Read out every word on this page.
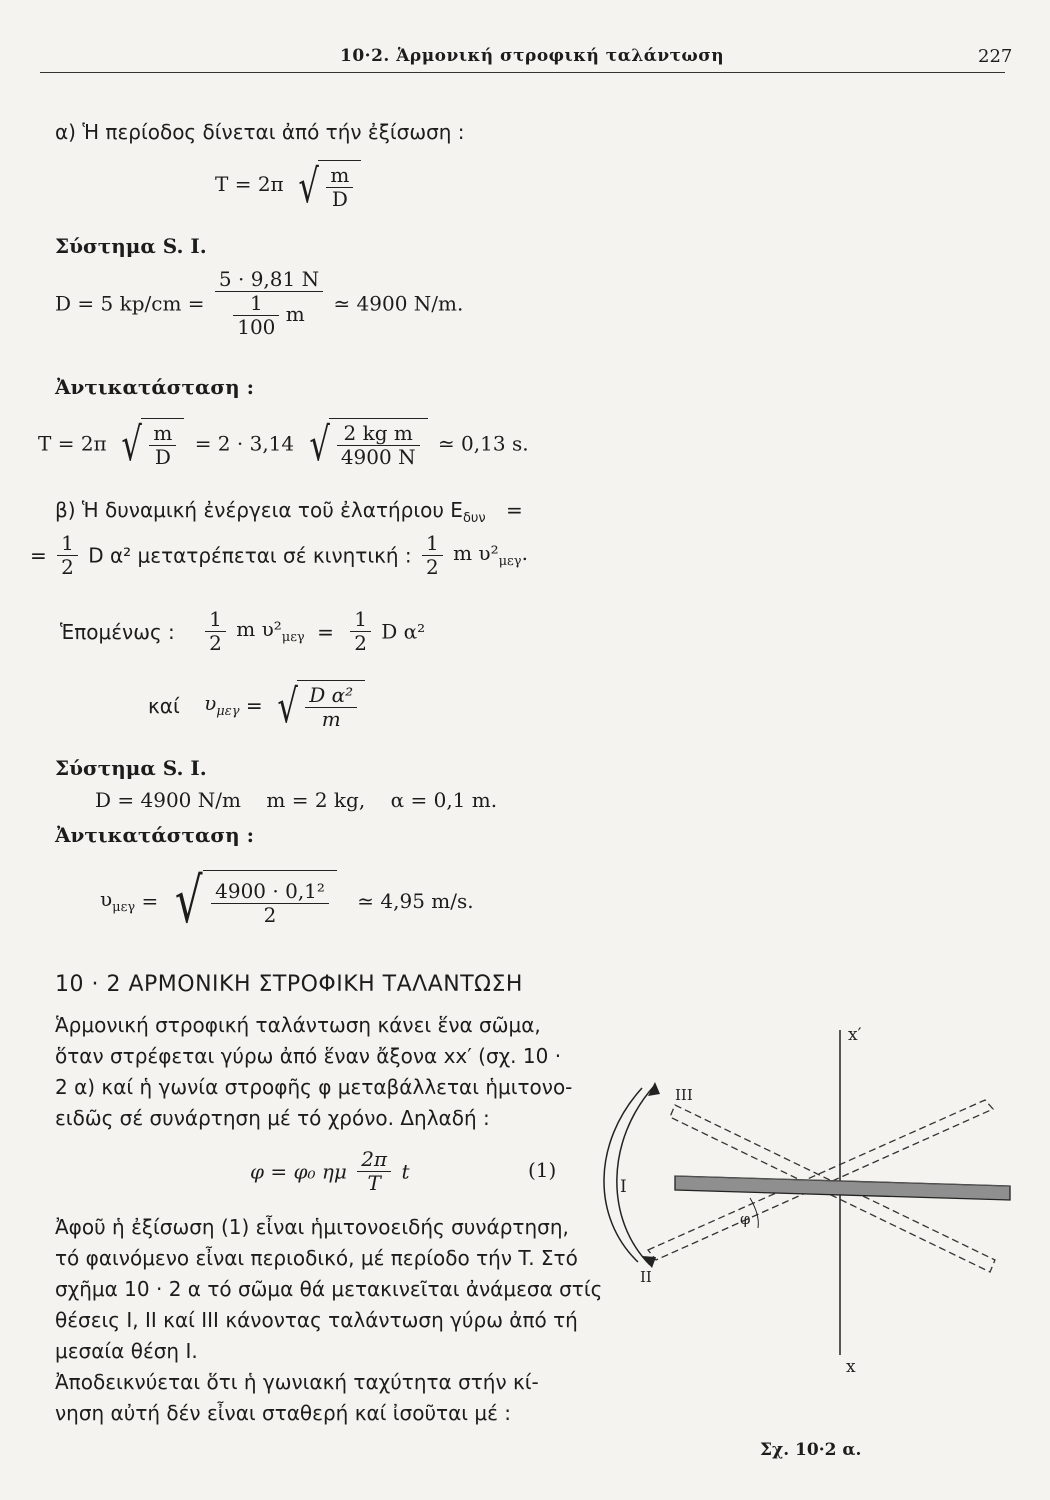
10·2. Ἁρμονική στροφική ταλάντωση	227
α) Ἡ περίοδος δίνεται ἀπό τήν ἐξίσωση :
T = 2π √ $\frac{m}{D}$
Σύστημα S. I.
D = 5 $kp/cm = \frac{5 \cdot 9,81 N}{\frac{1}{100} m}$ ≃ 4900 N/m.
Ἀντικατάσταση :
T = 2π √ $\frac{m}{D} = 2 \cdot 3,14$ √ $\frac{\text{2 kg m}}{4900 N}$ ≃ 0,13 s.
β) Ἡ δυναμική ἐνέργεια τοῦ ἐλατήριου $E_{\delta\upsilon\nu}$ =
= $\frac{1}{2}$ D α² μετατρέπεται σέ κινητική : $\frac{1}{2}$ m $\upsilon^2_{\mu\varepsilon\gamma}$.
Ἑπομένως : $\frac{1}{2}$ m $\upsilon^2_{\mu\varepsilon\gamma} = \frac{1}{2}$ D α²
καί $\upsilon_{\mu\varepsilon\gamma}$ = √ $\frac{\text{D α²}}{m}$
Σύστημα S. I.
D = 4900 N/m    m = 2 kg,    α = 0,1 m.
Ἀντικατάσταση :
$\upsilon_{\mu\varepsilon\gamma}$ = √ $\frac{\text{4900 · 0,1²}}{2}$ ≃ 4,95 m/s.
10 · 2 ΑΡΜΟΝΙΚΗ ΣΤΡΟΦΙΚΗ ΤΑΛΑΝΤΩΣΗ
Ἁρμονική στροφική ταλάντωση κάνει ἕνα σῶμα,
ὅταν στρέφεται γύρω ἀπό ἕναν ἄξονα xx′ (σχ. 10 ·
2 α) καί ἡ γωνία στροφῆς φ μεταβάλλεται ἡμιτονο-
ειδῶς σέ συνάρτηση μέ τό χρόνο. Δηλαδή :
φ = φ₀ ημ $\frac{2\pi}{T}$ t	(1)
Ἀφοῦ ἡ ἐξίσωση (1) εἶναι ἡμιτονοειδής συνάρτηση,
τό φαινόμενο εἶναι περιοδικό, μέ περίοδο τήν T. Στό
σχῆμα 10 · 2 α τό σῶμα θά μετακινεῖται ἀνάμεσα στίς
θέσεις I, II καί III κάνοντας ταλάντωση γύρω ἀπό τή
μεσαία θέση I.
Ἀποδεικνύεται ὅτι ἡ γωνιακή ταχύτητα στήν κί-
νηση αὐτή δέν εἶναι σταθερή καί ἰσοῦται μέ :
x′
x
I
II
III
φ
Σχ. 10·2 α.
